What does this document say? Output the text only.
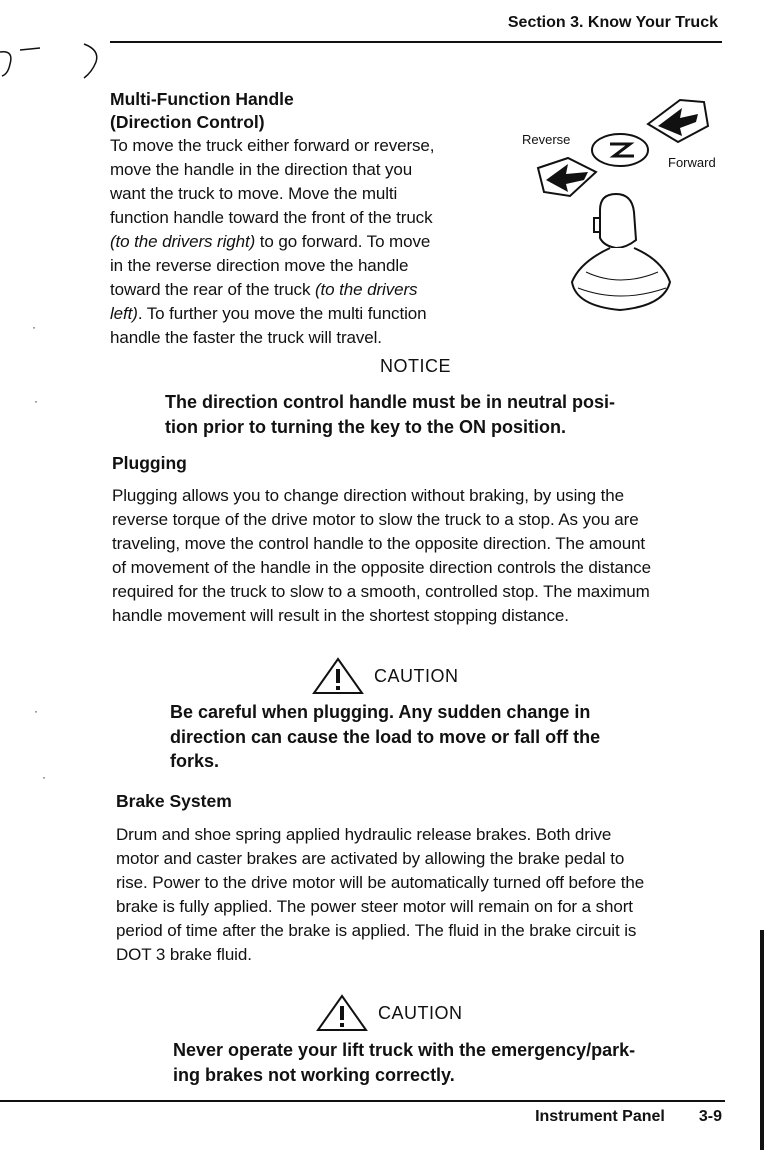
Section 3. Know Your Truck
Multi-Function Handle
(Direction Control)
To move the truck either forward or reverse,
move the handle in the direction that you
want the truck to move. Move the multi
function handle toward the front of the truck
(to the drivers right) to go forward. To move
in the reverse direction move the handle
toward the rear of the truck (to the drivers
left). To further you move the multi function
handle the faster the truck will travel.
Reverse
Forward
NOTICE
The direction control handle must be in neutral posi-
tion prior to turning the key to the ON position.
·
·
Plugging
Plugging allows you to change direction without braking, by using the
reverse torque of the drive motor to slow the truck to a stop. As you are
traveling, move the control handle to the opposite direction. The amount
of movement of the handle in the opposite direction controls the distance
required for the truck to slow to a smooth, controlled stop. The maximum
handle movement will result in the shortest stopping distance.
CAUTION
Be careful when plugging. Any sudden change in
direction can cause the load to move or fall off the
forks.
·
·
Brake System
Drum and shoe spring applied hydraulic release brakes. Both drive
motor and caster brakes are activated by allowing the brake pedal to
rise. Power to the drive motor will be automatically turned off before the
brake is fully applied. The power steer motor will remain on for a short
period of time after the brake is applied. The fluid in the brake circuit is
DOT 3 brake fluid.
CAUTION
Never operate your lift truck with the emergency/park-
ing brakes not working correctly.
Instrument Panel 3-9
